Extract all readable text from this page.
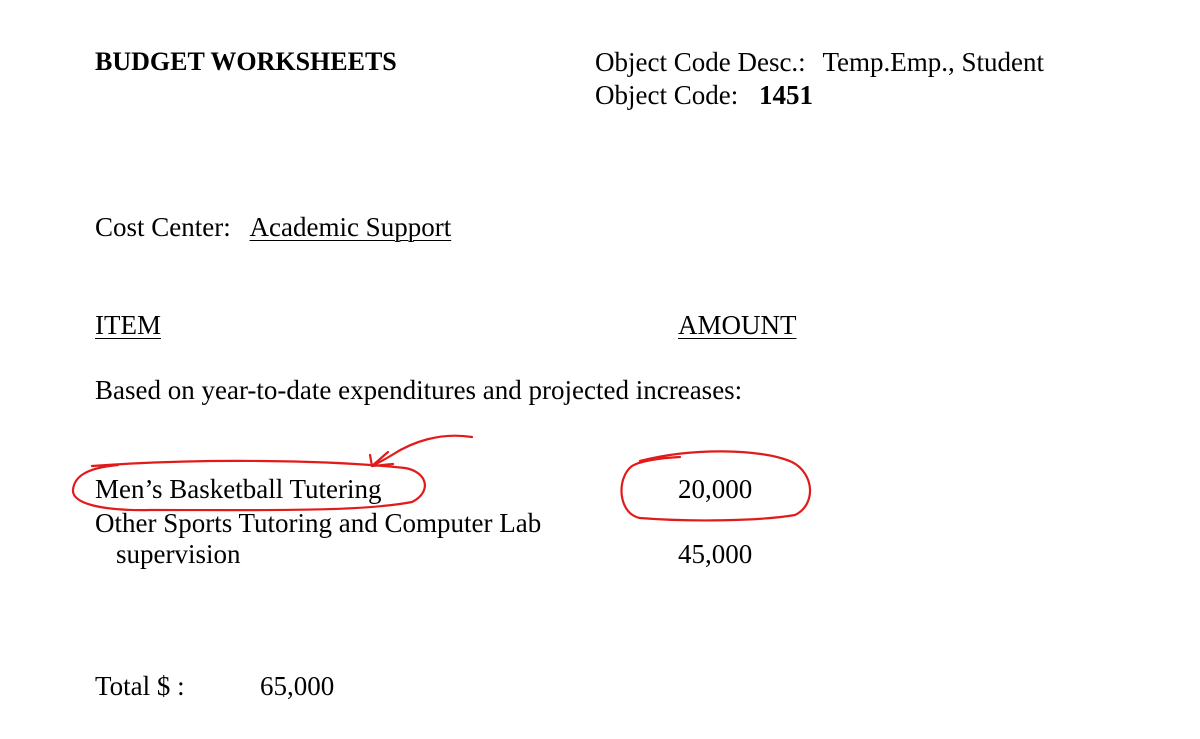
BUDGET WORKSHEETS	Object Code Desc.: Temp.Emp., Student
Object Code: 1451
Cost Center: Academic Support
ITEM	AMOUNT
Based on year-to-date expenditures and projected increases:
Men’s Basketball Tutering	20,000
Other Sports Tutoring and Computer Lab
supervision	45,000
Total $ :	65,000
